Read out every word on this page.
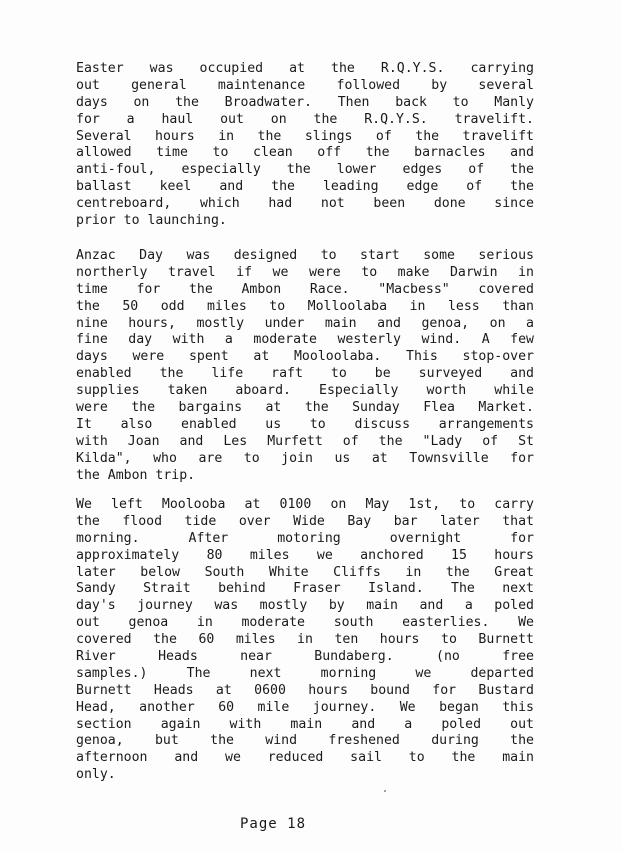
Easter was occupied at the R.Q.Y.S. carrying
out general maintenance followed by several
days on the Broadwater. Then back to Manly
for a haul out on the R.Q.Y.S. travelift.
Several hours in the slings of the travelift
allowed time to clean off the barnacles and
anti-foul, especially the lower edges of the
ballast keel and the leading edge of the
centreboard, which had not been done since
prior to launching.
Anzac Day was designed to start some serious
northerly travel if we were to make Darwin in
time for the Ambon Race. "Macbess" covered
the 50 odd miles to Molloolaba in less than
nine hours, mostly under main and genoa, on a
fine day with a moderate westerly wind. A few
days were spent at Mooloolaba. This stop-over
enabled the life raft to be surveyed and
supplies taken aboard. Especially worth while
were the bargains at the Sunday Flea Market.
It also enabled us to discuss arrangements
with Joan and Les Murfett of the "Lady of St
Kilda", who are to join us at Townsville for
the Ambon trip.
We left Moolooba at 0100 on May 1st, to carry
the flood tide over Wide Bay bar later that
morning. After motoring overnight for
approximately 80 miles we anchored 15 hours
later below South White Cliffs in the Great
Sandy Strait behind Fraser Island. The next
day's journey was mostly by main and a poled
out genoa in moderate south easterlies. We
covered the 60 miles in ten hours to Burnett
River Heads near Bundaberg. (no free
samples.) The next morning we departed
Burnett Heads at 0600 hours bound for Bustard
Head, another 60 mile journey. We began this
section again with main and a poled out
genoa, but the wind freshened during the
afternoon and we reduced sail to the main
only.
Page 18
